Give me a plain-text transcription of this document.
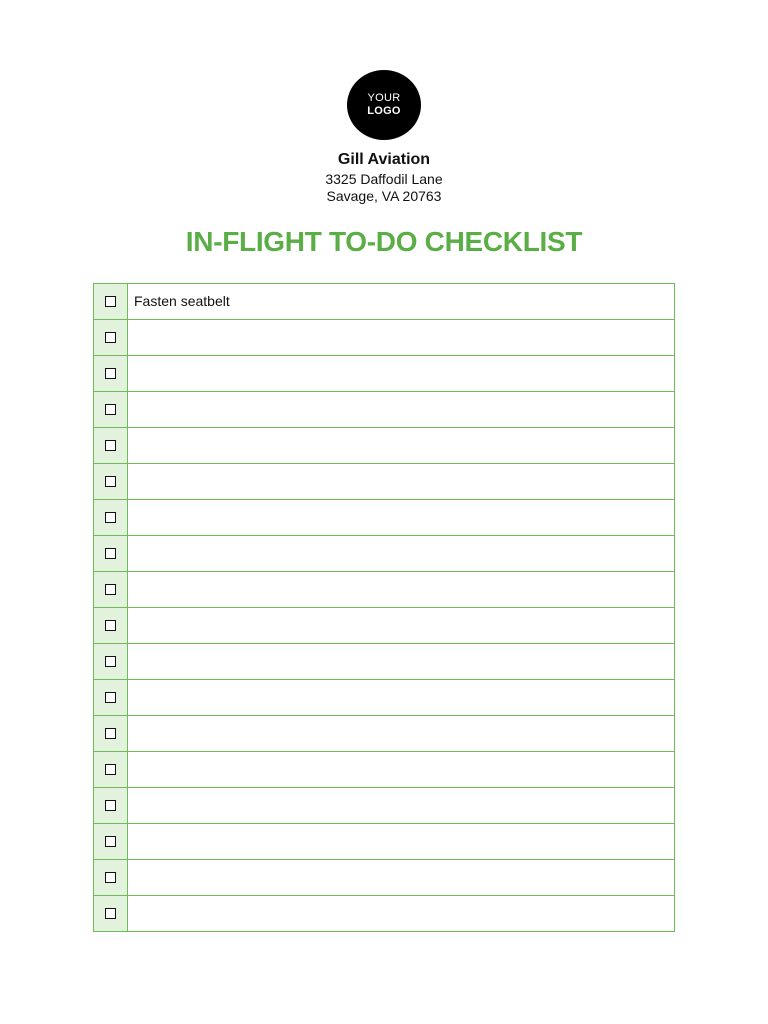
YOUR
LOGO
Gill Aviation
3325 Daffodil Lane
Savage, VA 20763
IN-FLIGHT TO-DO CHECKLIST
Fasten seatbelt
